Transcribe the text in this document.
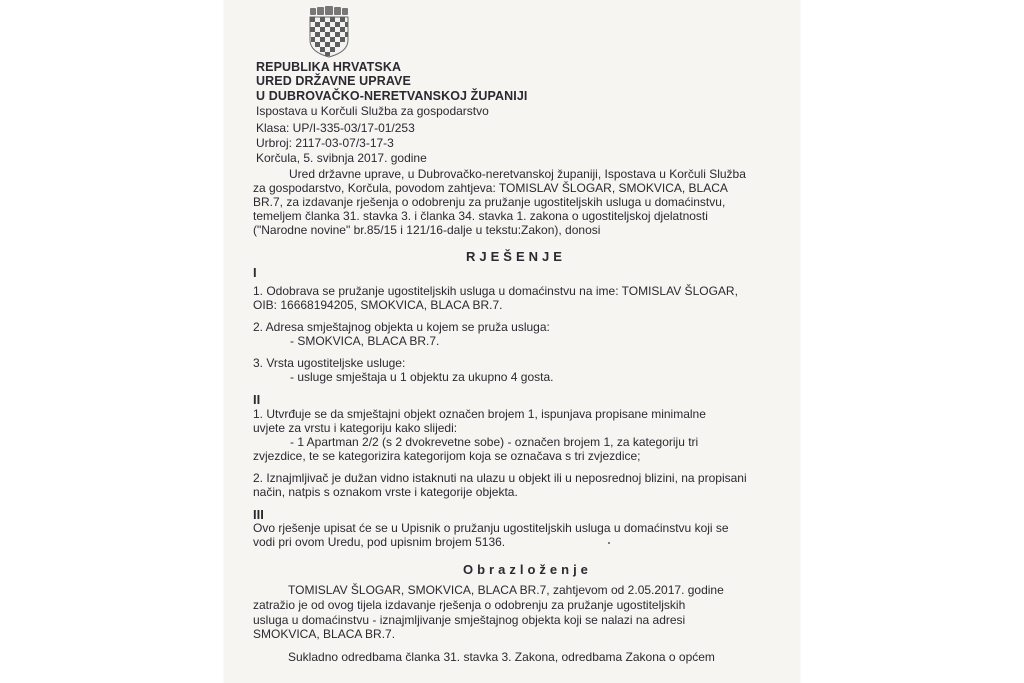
REPUBLIKA HRVATSKA
URED DRŽAVNE UPRAVE
U DUBROVAČKO-NERETVANSKOJ ŽUPANIJI
Ispostava u Korčuli Služba za gospodarstvo
Klasa: UP/I-335-03/17-01/253
Urbroj: 2117-03-07/3-17-3
Korčula, 5. svibnja 2017. godine
Ured državne uprave, u Dubrovačko-neretvanskoj županiji, Ispostava u Korčuli Služba
za gospodarstvo, Korčula, povodom zahtjeva: TOMISLAV ŠLOGAR, SMOKVICA, BLACA
BR.7, za izdavanje rješenja o odobrenju za pružanje ugostiteljskih usluga u domaćinstvu,
temeljem članka 31. stavka 3. i članka 34. stavka 1. zakona o ugostiteljskoj djelatnosti
("Narodne novine" br.85/15 i 121/16-dalje u tekstu:Zakon), donosi
RJEŠENJE
I
1. Odobrava se pružanje ugostiteljskih usluga u domaćinstvu na ime: TOMISLAV ŠLOGAR,
OIB: 16668194205, SMOKVICA, BLACA BR.7.
2. Adresa smještajnog objekta u kojem se pruža usluga:
- SMOKVICA, BLACA BR.7.
3. Vrsta ugostiteljske usluge:
- usluge smještaja u 1 objektu za ukupno 4 gosta.
II
1. Utvrđuje se da smještajni objekt označen brojem 1, ispunjava propisane minimalne
uvjete za vrstu i kategoriju kako slijedi:
- 1 Apartman 2/2 (s 2 dvokrevetne sobe) - označen brojem 1, za kategoriju tri
zvjezdice, te se kategorizira kategorijom koja se označava s tri zvjezdice;
2. Iznajmljivač je dužan vidno istaknuti na ulazu u objekt ili u neposrednoj blizini, na propisani
način, natpis s oznakom vrste i kategorije objekta.
III
Ovo rješenje upisat će se u Upisnik o pružanju ugostiteljskih usluga u domaćinstvu koji se
vodi pri ovom Uredu, pod upisnim brojem 5136.
Obrazloženje
TOMISLAV ŠLOGAR, SMOKVICA, BLACA BR.7, zahtjevom od 2.05.2017. godine
zatražio je od ovog tijela izdavanje rješenja o odobrenju za pružanje ugostiteljskih
usluga u domaćinstvu - iznajmljivanje smještajnog objekta koji se nalazi na adresi
SMOKVICA, BLACA BR.7.
Sukladno odredbama članka 31. stavka 3. Zakona, odredbama Zakona o općem
